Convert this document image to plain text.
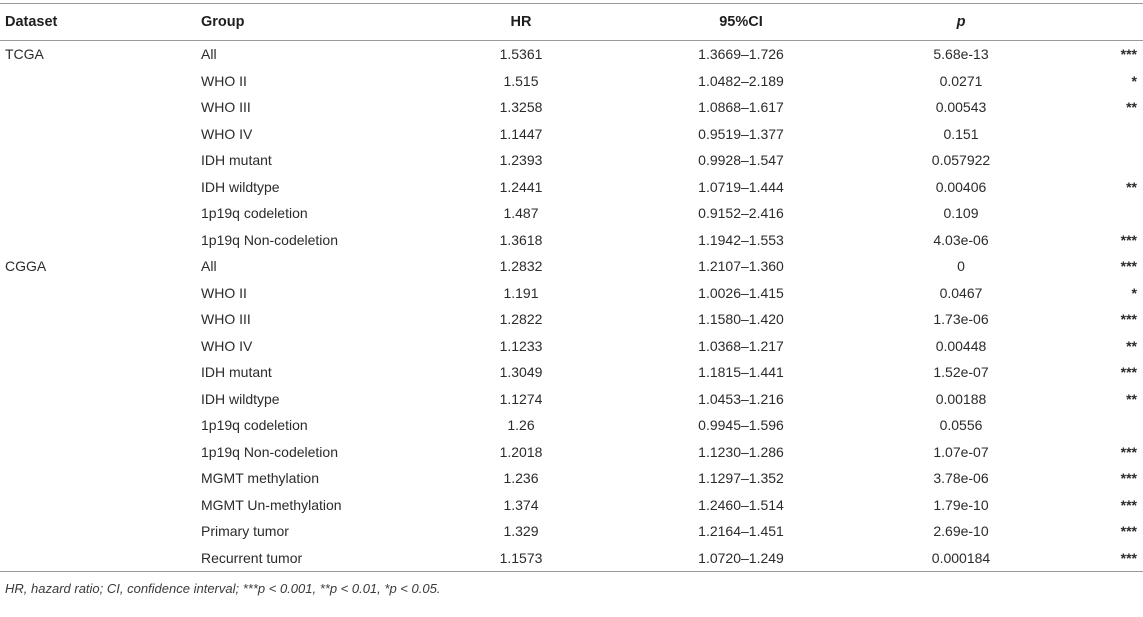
Dataset	Group	HR	95%CI	p	
TCGA	All	1.5361	1.3669–1.726	5.68e-13	***
	WHO II	1.515	1.0482–2.189	0.0271	*
	WHO III	1.3258	1.0868–1.617	0.00543	**
	WHO IV	1.1447	0.9519–1.377	0.151	
	IDH mutant	1.2393	0.9928–1.547	0.057922	
	IDH wildtype	1.2441	1.0719–1.444	0.00406	**
	1p19q codeletion	1.487	0.9152–2.416	0.109	
	1p19q Non-codeletion	1.3618	1.1942–1.553	4.03e-06	***
CGGA	All	1.2832	1.2107–1.360	0	***
	WHO II	1.191	1.0026–1.415	0.0467	*
	WHO III	1.2822	1.1580–1.420	1.73e-06	***
	WHO IV	1.1233	1.0368–1.217	0.00448	**
	IDH mutant	1.3049	1.1815–1.441	1.52e-07	***
	IDH wildtype	1.1274	1.0453–1.216	0.00188	**
	1p19q codeletion	1.26	0.9945–1.596	0.0556	
	1p19q Non-codeletion	1.2018	1.1230–1.286	1.07e-07	***
	MGMT methylation	1.236	1.1297–1.352	3.78e-06	***
	MGMT Un-methylation	1.374	1.2460–1.514	1.79e-10	***
	Primary tumor	1.329	1.2164–1.451	2.69e-10	***
	Recurrent tumor	1.1573	1.0720–1.249	0.000184	***
HR, hazard ratio; CI, confidence interval; ***p < 0.001, **p < 0.01, *p < 0.05.
